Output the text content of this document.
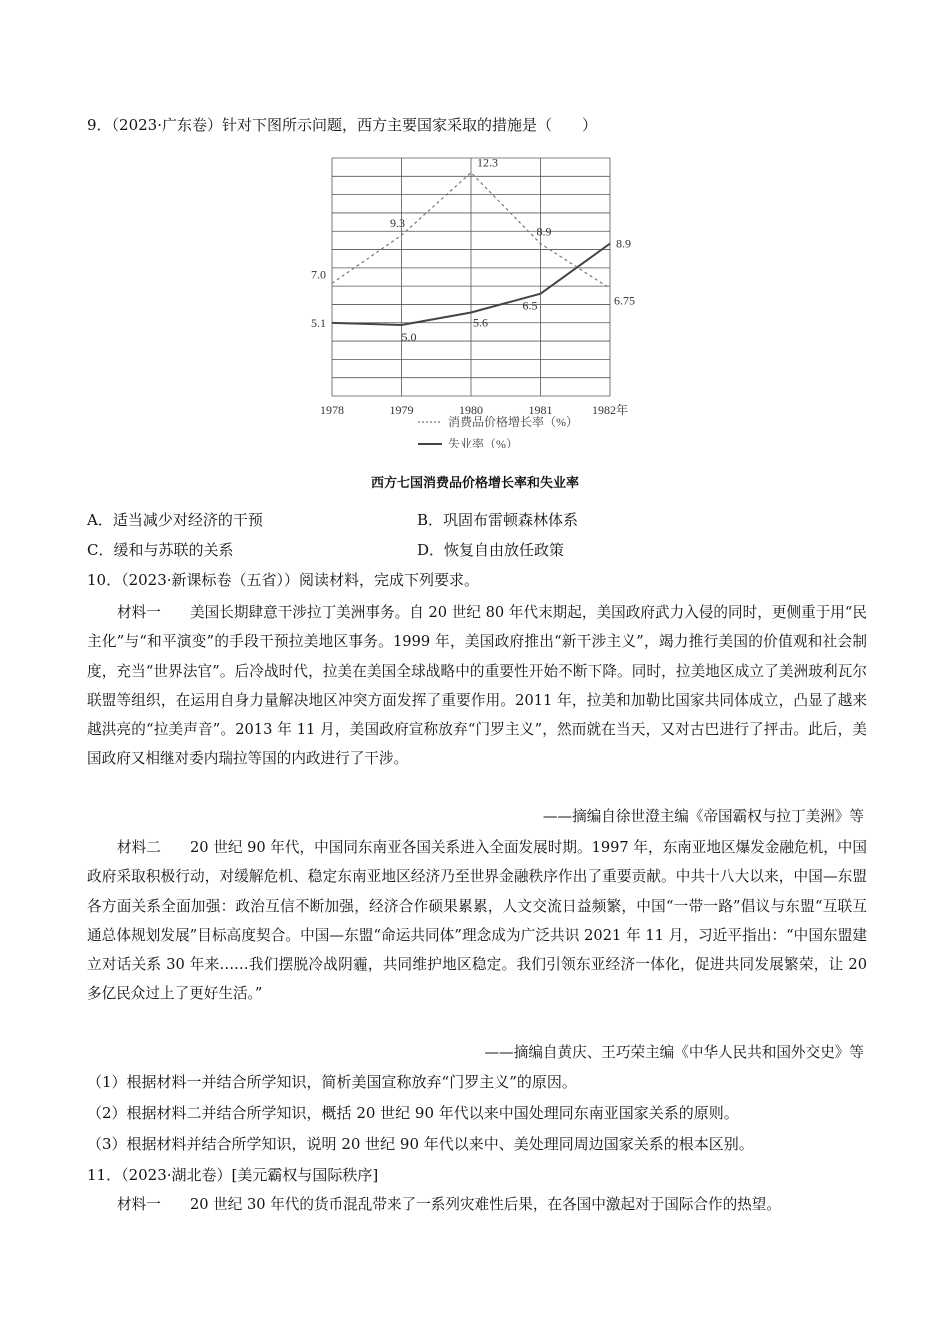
9．（2023·广东卷）针对下图所示问题，西方主要国家采取的措施是（　　）
1978	1979	1980	1981	1982年
7.0
9.3
12.3
8.9
6.75
5.1
5.0
5.6
6.5
8.9
消费品价格增长率（%）
失业率（%）
西方七国消费品价格增长率和失业率
A．适当减少对经济的干预	B．巩固布雷顿森林体系
C．缓和与苏联的关系	D．恢复自由放任政策
10．（2023·新课标卷（五省））阅读材料，完成下列要求。
材料一　　美国长期肆意干涉拉丁美洲事务。自 20 世纪 80 年代末期起，美国政府武力入侵的同时，更侧重于用“民主化”与“和平演变”的手段干预拉美地区事务。1999 年，美国政府推出“新干涉主义”，竭力推行美国的价值观和社会制度，充当“世界法官”。后冷战时代，拉美在美国全球战略中的重要性开始不断下降。同时，拉美地区成立了美洲玻利瓦尔联盟等组织，在运用自身力量解决地区冲突方面发挥了重要作用。2011 年，拉美和加勒比国家共同体成立，凸显了越来越洪亮的“拉美声音”。2013 年 11 月，美国政府宣称放弃“门罗主义”，然而就在当天，又对古巴进行了抨击。此后，美国政府又相继对委内瑞拉等国的内政进行了干涉。
——摘编自徐世澄主编《帝国霸权与拉丁美洲》等
材料二　　20 世纪 90 年代，中国同东南亚各国关系进入全面发展时期。1997 年，东南亚地区爆发金融危机，中国政府采取积极行动，对缓解危机、稳定东南亚地区经济乃至世界金融秩序作出了重要贡献。中共十八大以来，中国—东盟各方面关系全面加强：政治互信不断加强，经济合作硕果累累，人文交流日益频繁，中国“一带一路”倡议与东盟“互联互通总体规划发展”目标高度契合。中国—东盟“命运共同体”理念成为广泛共识 2021 年 11 月，习近平指出：“中国东盟建立对话关系 30 年来……我们摆脱冷战阴霾，共同维护地区稳定。我们引领东亚经济一体化，促进共同发展繁荣，让 20 多亿民众过上了更好生活。”
——摘编自黄庆、王巧荣主编《中华人民共和国外交史》等
（1）根据材料一并结合所学知识，简析美国宣称放弃“门罗主义”的原因。
（2）根据材料二并结合所学知识，概括 20 世纪 90 年代以来中国处理同东南亚国家关系的原则。
（3）根据材料并结合所学知识，说明 20 世纪 90 年代以来中、美处理同周边国家关系的根本区别。
11．（2023·湖北卷）[美元霸权与国际秩序]
材料一　　20 世纪 30 年代的货币混乱带来了一系列灾难性后果，在各国中激起对于国际合作的热望。
